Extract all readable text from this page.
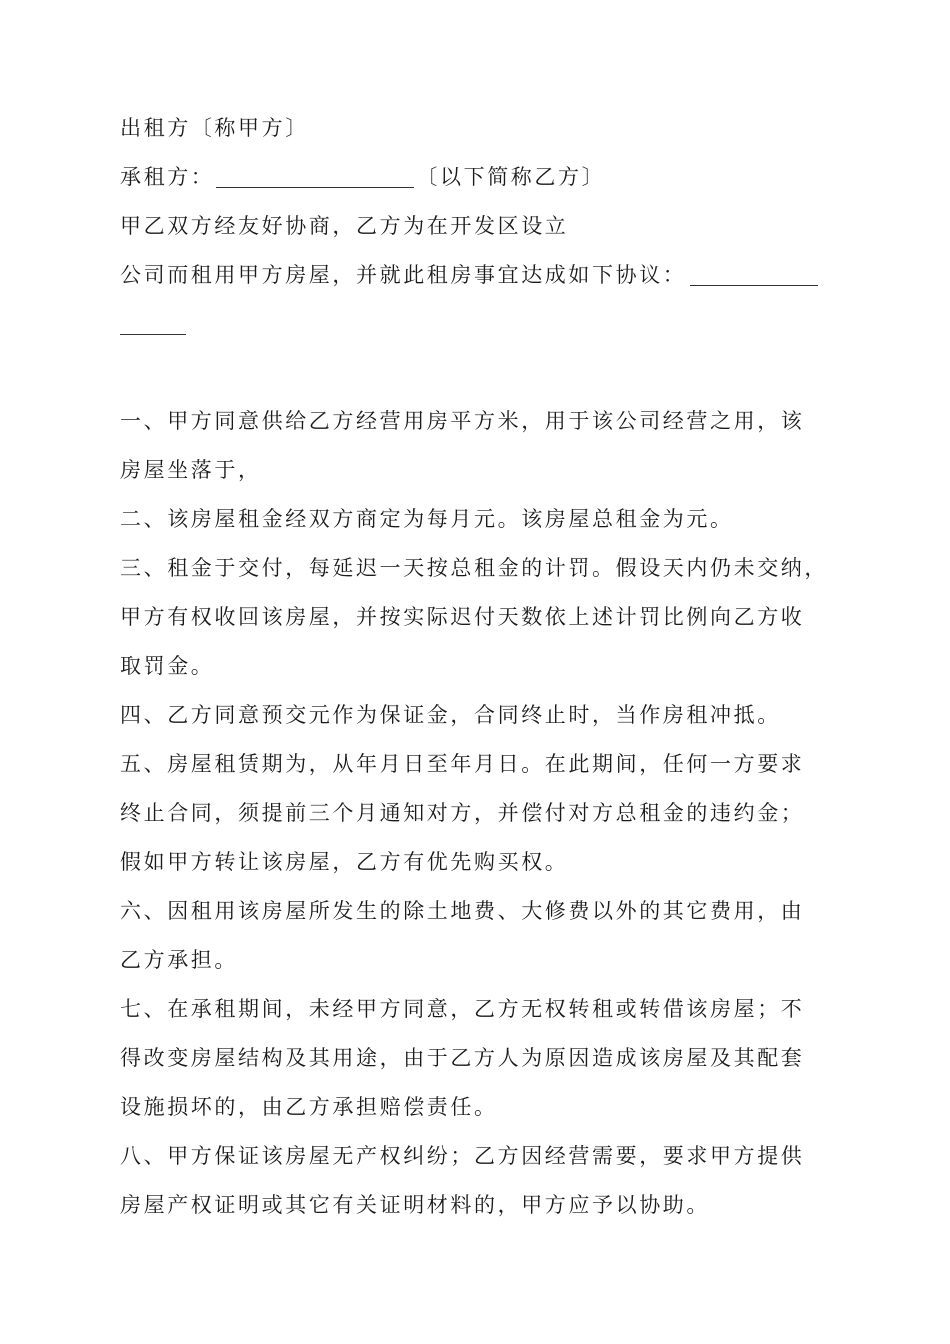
出租方〔称甲方〕
承租方：	〔以下简称乙方〕
甲乙双方经友好协商，乙方为在开发区设立
公司而租用甲方房屋，并就此租房事宜达成如下协议：
一、甲方同意供给乙方经营用房平方米，用于该公司经营之用，该
房屋坐落于，
二、该房屋租金经双方商定为每月元。该房屋总租金为元。
三、租金于交付，每延迟一天按总租金的计罚。假设天内仍未交纳，
甲方有权收回该房屋，并按实际迟付天数依上述计罚比例向乙方收
取罚金。
四、乙方同意预交元作为保证金，合同终止时，当作房租冲抵。
五、房屋租赁期为，从年月日至年月日。在此期间，任何一方要求
终止合同，须提前三个月通知对方，并偿付对方总租金的违约金；
假如甲方转让该房屋，乙方有优先购买权。
六、因租用该房屋所发生的除土地费、大修费以外的其它费用，由
乙方承担。
七、在承租期间，未经甲方同意，乙方无权转租或转借该房屋；不
得改变房屋结构及其用途，由于乙方人为原因造成该房屋及其配套
设施损坏的，由乙方承担赔偿责任。
八、甲方保证该房屋无产权纠纷；乙方因经营需要，要求甲方提供
房屋产权证明或其它有关证明材料的，甲方应予以协助。
